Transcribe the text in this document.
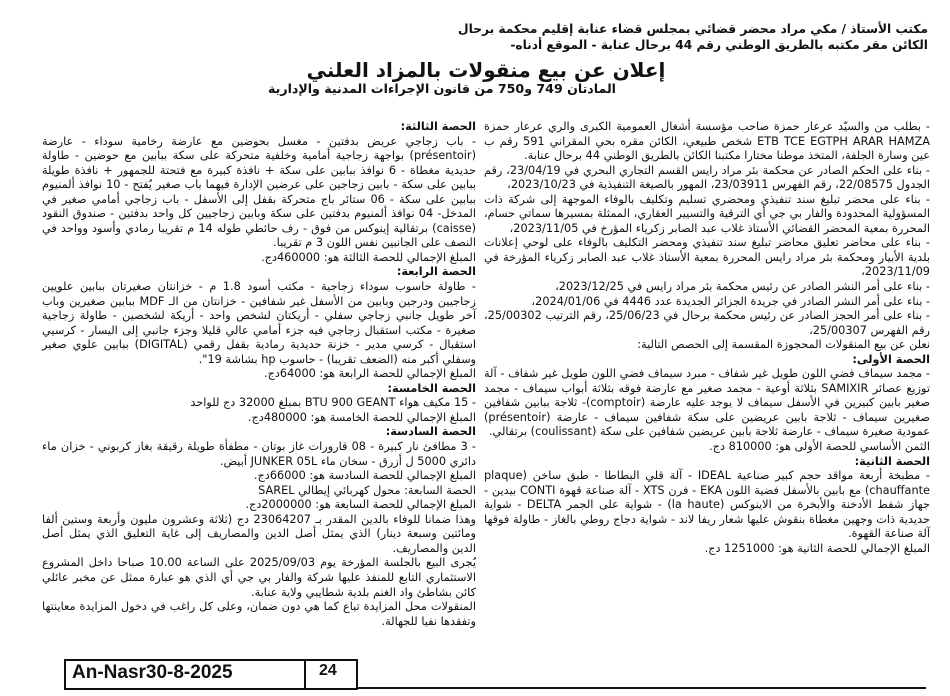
مكتب الأستاذ / مكي مراد محضر قضائي بمجلس قضاء عنابة إقليم محكمة برحال
الكائن مقر مكتبه بالطريق الوطني رقم 44 برحال عنابة - الموقع أدناه-
إعلان عن بيع منقولات بالمزاد العلني
المادتان 749 و750 من قانون الإجراءات المدنية والإدارية

- بطلب من والسيّد عرعار حمزة صاحب مؤسسة أشغال العمومية الكبرى والري عرعار حمزة ETB TCE EGTPH ARAR HAMZA شخص طبيعي، الكائن مقره بحي المقراني 591 رقم ب عين وسارة الجلفة، المتخذ موطنا مختارا مكتبنا الكائن بالطريق الوطني 44 برحال عنابة.

- بناء على الحكم الصادر عن محكمة بئر مراد رايس القسم التجاري البحري في 23/04/19، رقم الجدول 22/08575، رقم الفهرس 23/03911، المهور بالصيغة التنفيذية في 2023/10/23،

- بناء على محضر تبليغ سند تنفيذي ومحضري تسليم وتكليف بالوفاء الموجهة إلى شركة ذات المسؤولية المحدودة والفار بي جي أي الترقية والتسيير العقاري، الممثلة بمسيرها سماتي حسام، المحررة بمعية المحضر القضائي الأستاذ غلاب عبد الصابر زكرياء المؤرخ في 2023/11/05،

- بناء على محاضر تعليق محاضر تبليغ سند تنفيذي ومحضر التكليف بالوفاء على لوحي إعلانات بلدية الأبيار ومحكمة بئر مراد رايس المحررة بمعية الأستاذ غلاب عبد الصابر زكرياء المؤرخة في 2023/11/09،

- بناء على أمر النشر الصادر عن رئيس محكمة بئر مراد رايس في 2023/12/25،

- بناء على أمر النشر الصادر في جريدة الجزائر الجديدة عدد 4446 في 2024/01/06،

- بناء على أمر الحجز الصادر عن رئيس محكمة برحال في 25/06/23، رقم الترتيب 25/00302، رقم الفهرس 25/00307،

نعلن عن بيع المنقولات المحجوزة المقسمة إلى الحصص التالية:

الحصة الأولى:

- مجمد سيماف فضي اللون طويل غير شفاف - مبرد سيماف فضي اللون طويل غير شفاف - آلة توزيع عصائر SAMIXIR بثلاثة أوعية - مجمد صغير مع عارضة فوقه بثلاثة أبواب سيماف - مجمد صغير بابين كبيرين في الأسفل سيماف لا يوجد عليه عارضة (comptoir)- ثلاجة ببابين شفافين صغيرين سيماف - ثلاجة بابين عريضين على سكة شفافين سيماف - عارضة (présentoir) عمودية صغيرة سيماف - عارضة ثلاجة بابين عريضين شفافين على سكة (coulissant) برتقالي.

الثمن الأساسي للحصة الأولى هو: 810000 دج.

الحصة الثانية:

- مطبخة أربعة مواقد حجم كبير صناعية IDEAL - آلة قلي البطاطا - طبق ساخن (plaque chauffante) مع بابين بالأسفل فضية اللون EKA - فرن XTS - آلة صناعة قهوة CONTI بيدين - جهاز شفط الأدخنة والأبخرة من الاينوكس (la haute) - شواية على الجمر DELTA - شواية حديدية ذات وجهين مغطاة بنقوش عليها شعار ريفا لاند - شواية دجاج روطي بالغاز - طاولة فوقها آلة صناعة القهوة.

المبلغ الإجمالي للحصة الثانية هو: 1251000 دج.

الحصة الثالثة:

- باب زجاجي عريض بدفتين - مغسل بحوضين مع عارضة رخامية سوداء - عارضة (présentoir) بواجهة زجاجية أمامية وخلفية متحركة على سكة ببابين مع حوضين - طاولة حديدية مغطاة - 6 نوافذ ببابين على سكة + نافذة كبيرة مع فتحتة للجمهور + نافذة طويلة ببابين على سكة - بابين زجاجين على عرضين الإدارة فيهما باب صغير يُفتح - 10 نوافذ ألمنيوم ببابين على سكة - 06 ستائر باج متحركة بقفل إلى الأسفل - باب زجاجي أمامي صغير في المدخل- 04 نوافذ ألمنيوم بدفتين على سكة وبابين زجاجيين كل واحد بدفتين - صندوق النقود (caisse) برتقالية إينوكس من فوق - رف حائطي طوله 14 م تقريبا رمادي وأسود وواحد في النصف على الجانبين نفس اللون 3 م تقريبا.

المبلغ الإجمالي للحصة الثالثة هو: 460000دج.

الحصة الرابعة:

- طاولة حاسوب سوداء زجاجية - مكتب أسود 1.8 م - خزانتان صغيرتان ببابين علويين زجاجيين ودرجين وبابين من الأسفل غير شفافين - خزانتان من الـ MDF ببابين صغيرين وباب آخر طويل جانبي زجاجي سفلي - أريكتان لشخص واحد - أريكة لشخصين - طاولة زجاجية صغيرة - مكتب استقبال زجاجي فيه جزء أمامي عالي قليلا وجزء جانبي إلى اليسار - كرسيي استقبال - كرسي مدير - خزنة حديدية رمادية بقفل رقمي (DIGITAL) ببابين علوي صغير وسفلي أكبر منه (الضعف تقريبا) - حاسوب hp بشاشة 19".

المبلغ الإجمالي للحصة الرابعة هو: 64000دج.

الحصة الخامسة:

- 15 مكيف هواء BTU 900 GEANT بمبلغ 32000 دج للواحد

المبلغ الإجمالي للحصة الخامسة هو: 480000دج.

الحصة السادسة:

- 3 مطافئ نار كبيرة - 08 قارورات غاز بوتان - مطفأة طويلة رقيقة بغاز كربوني - خزان ماء دائري 5000 ل أزرق - سخان ماء JUNKER 05L أبيض.

المبلغ الإجمالي للحصة السادسة هو: 66000دج.

الحصة السابعة: محول كهربائي إيطالي SAREL

المبلغ الإجمالي للحصة السابعة هو: 2000000دج.

وهذا ضمانا للوفاء بالدين المقدر بـ 23064207 دج (ثلاثة وعشرون مليون وأربعة وستين ألفا ومائتين وسبعة دينار) الذي يمثل أصل الدين والمصاريف إلى غاية التعليق الذي يمثل أصل الدين والمصاريف.

يُجرى البيع بالجلسة المؤرخة يوم 2025/09/03 على الساعة 10.00 صباحا داخل المشروع الاستثماري التابع للمنفذ عليها شركة والفار بي جي أي الذي هو عبارة ممثل عن مخبر عائلي كائن بشاطئ واد الغنم بلدية شطايبي ولاية عنابة.

المنقولات محل المزايدة تباع كما هي دون ضمان، وعلى كل راغب في دخول المزايدة معاينتها وتفقدها نفيا للجهالة.

An-Nasr30-8-2025	24
